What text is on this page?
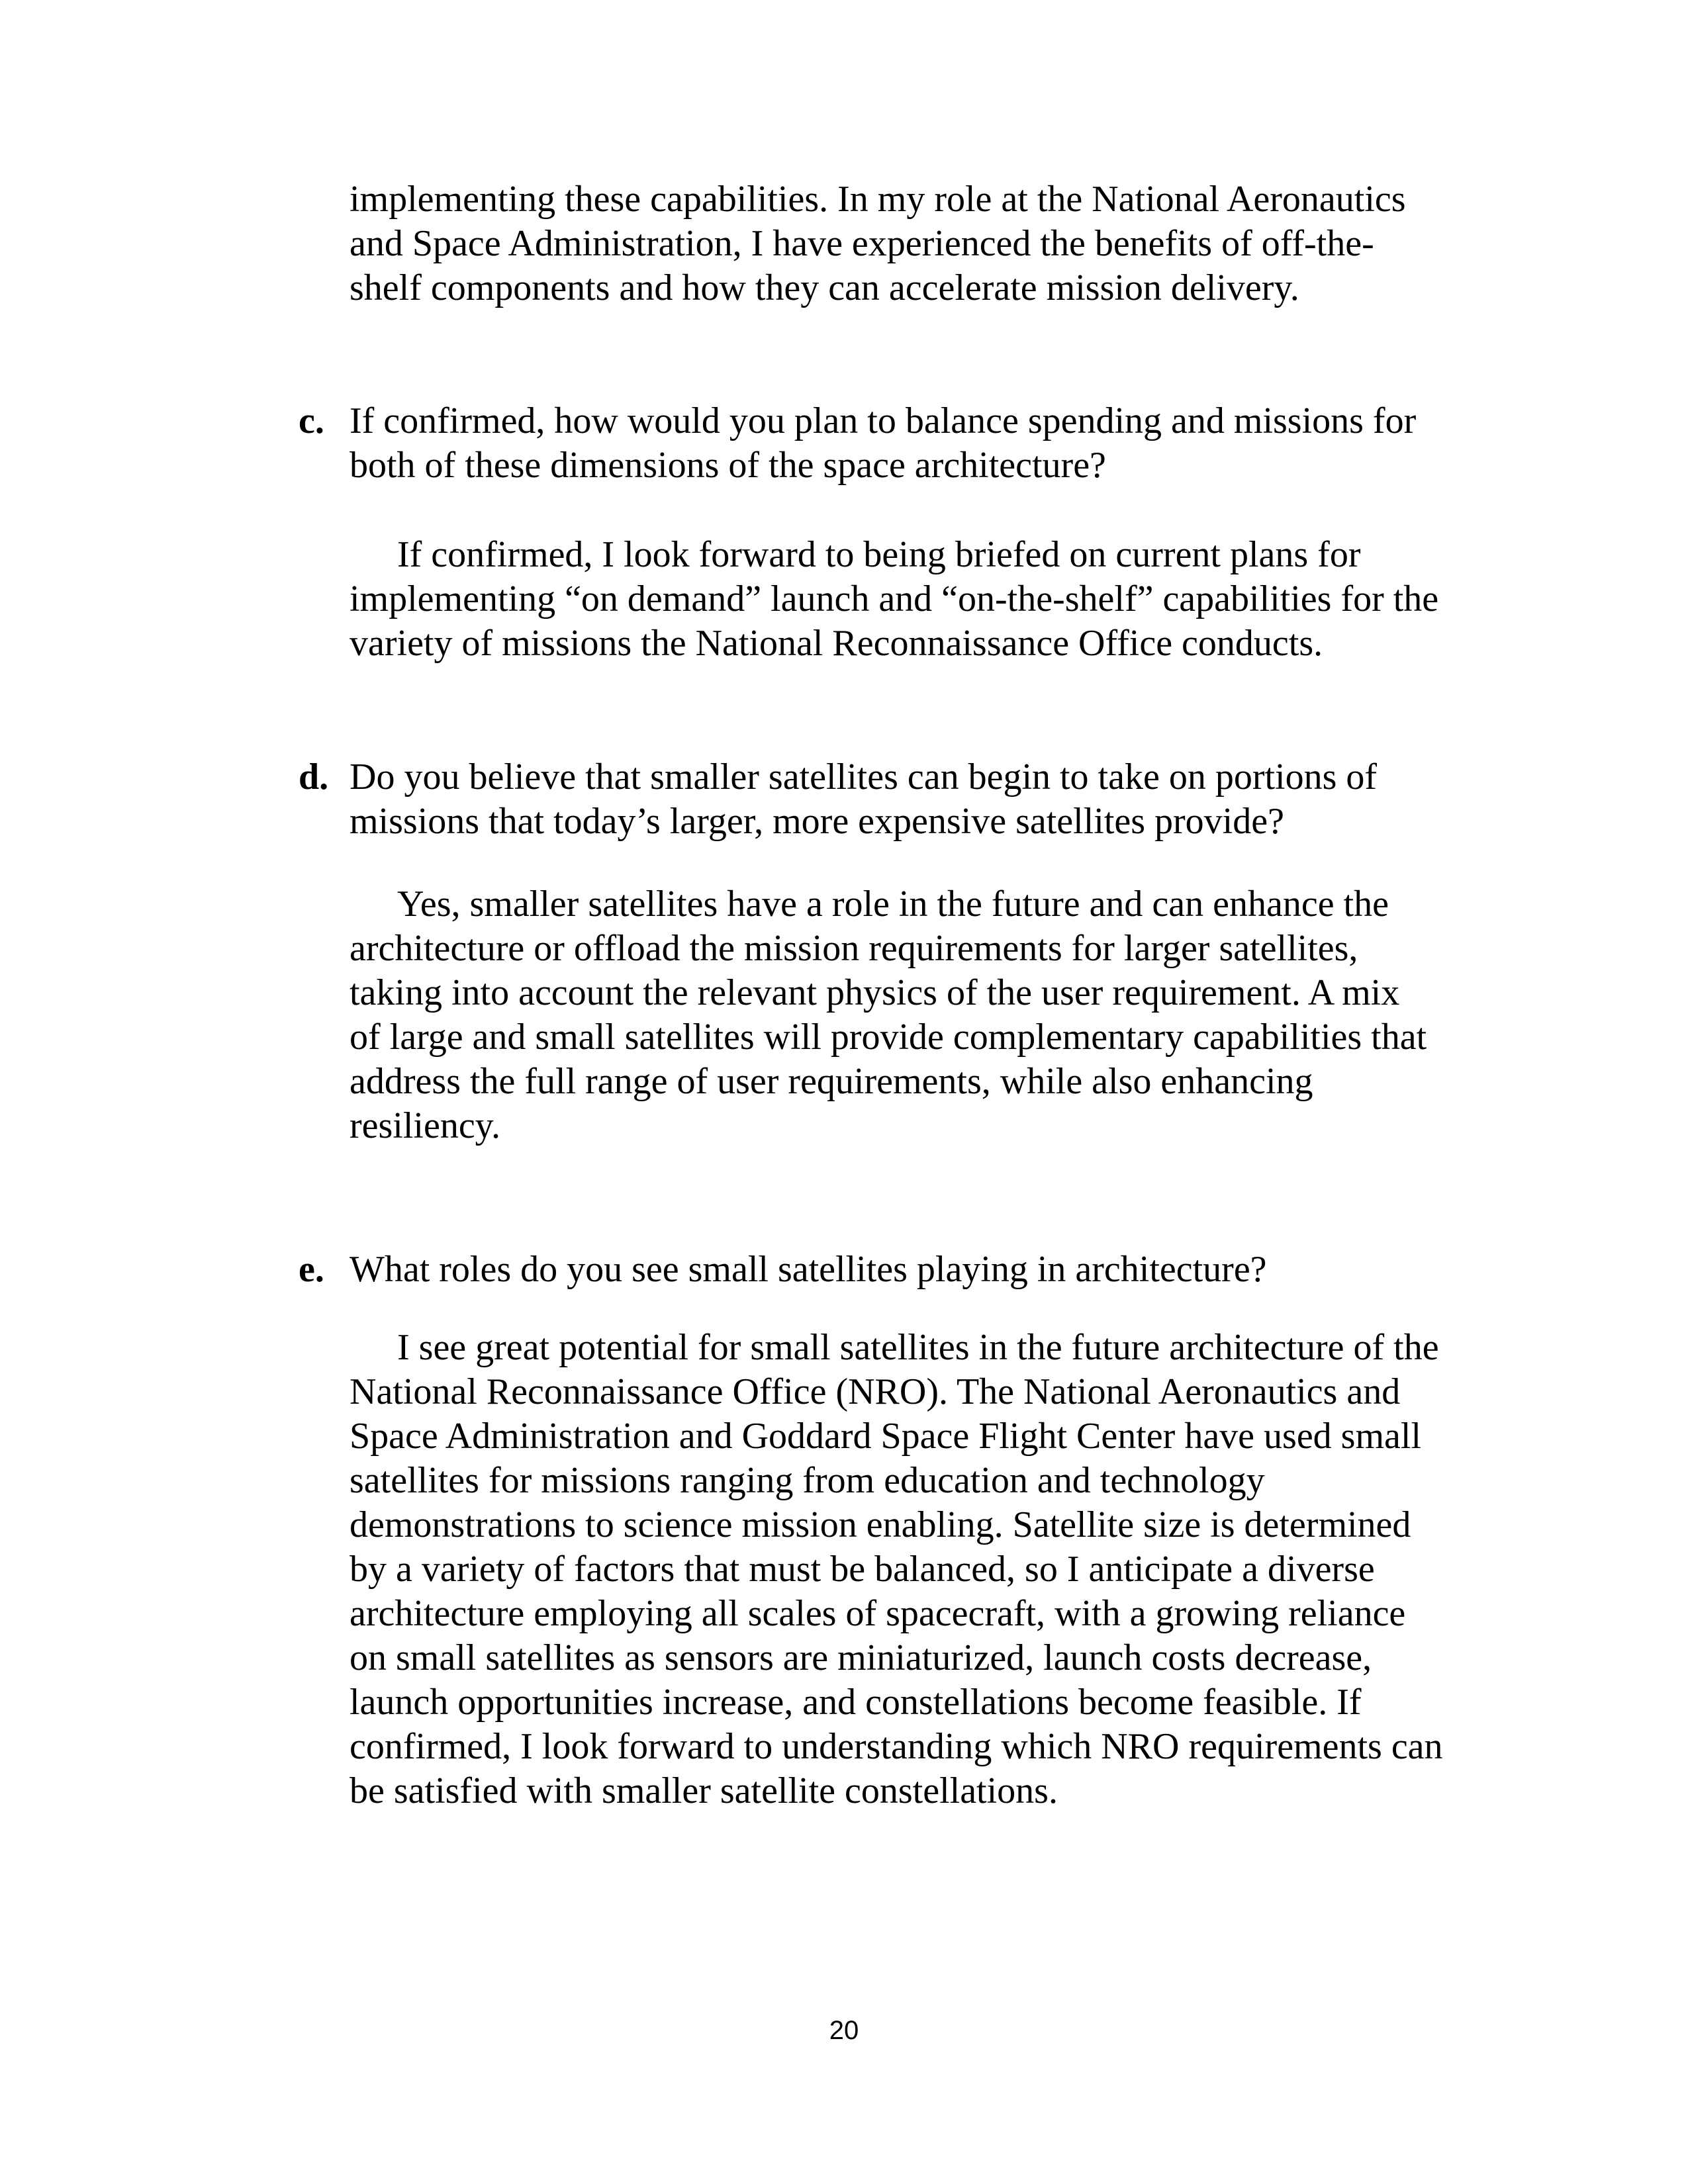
implementing these capabilities. In my role at the National Aeronautics
and Space Administration, I have experienced the benefits of off-the-
shelf components and how they can accelerate mission delivery.
c. If confirmed, how would you plan to balance spending and missions for
both of these dimensions of the space architecture?
If confirmed, I look forward to being briefed on current plans for
implementing “on demand” launch and “on-the-shelf” capabilities for the
variety of missions the National Reconnaissance Office conducts.
d. Do you believe that smaller satellites can begin to take on portions of
missions that today’s larger, more expensive satellites provide?
Yes, smaller satellites have a role in the future and can enhance the
architecture or offload the mission requirements for larger satellites,
taking into account the relevant physics of the user requirement. A mix
of large and small satellites will provide complementary capabilities that
address the full range of user requirements, while also enhancing
resiliency.
e. What roles do you see small satellites playing in architecture?
I see great potential for small satellites in the future architecture of the
National Reconnaissance Office (NRO). The National Aeronautics and
Space Administration and Goddard Space Flight Center have used small
satellites for missions ranging from education and technology
demonstrations to science mission enabling. Satellite size is determined
by a variety of factors that must be balanced, so I anticipate a diverse
architecture employing all scales of spacecraft, with a growing reliance
on small satellites as sensors are miniaturized, launch costs decrease,
launch opportunities increase, and constellations become feasible. If
confirmed, I look forward to understanding which NRO requirements can
be satisfied with smaller satellite constellations.
20
